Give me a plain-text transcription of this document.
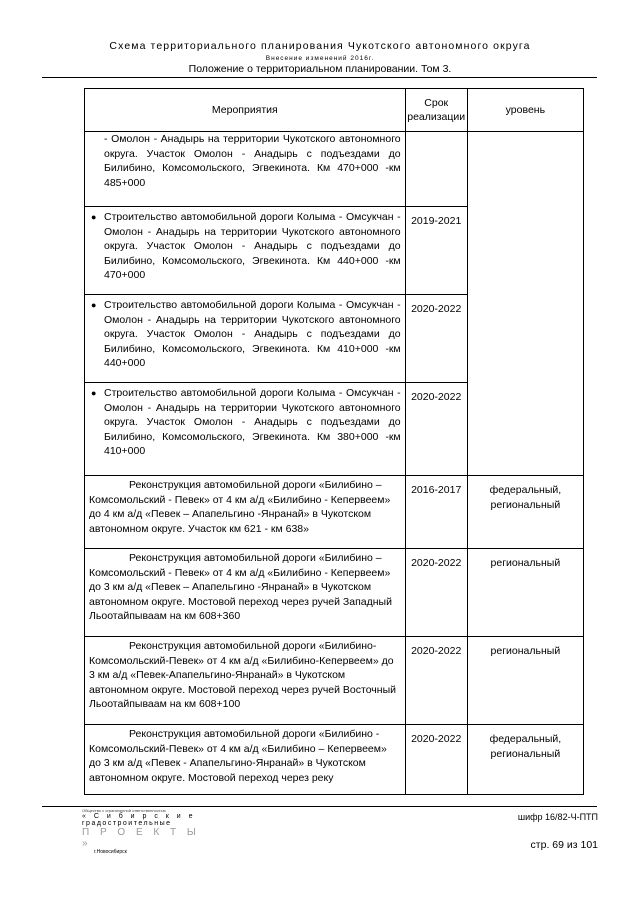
Схема территориального планирования Чукотского автономного округа
Внесение изменений 2016г.
Положение о территориальном планировании. Том 3.
Мероприятия	Срок реализации	уровень
- Омолон - Анадырь на территории Чукотского автономного округа. Участок Омолон - Анадырь с подъездами до Билибино, Комсомольского, Эгвекинота. Км 470+000 -км 485+000		

● Строительство автомобильной дороги Колыма - Омсукчан - Омолон - Анадырь на территории Чукотского автономного округа. Участок Омолон - Анадырь с подъездами до Билибино, Комсомольского, Эгвекинота. Км 440+000 -км 470+000	2019-2021	

● Строительство автомобильной дороги Колыма - Омсукчан - Омолон - Анадырь на территории Чукотского автономного округа. Участок Омолон - Анадырь с подъездами до Билибино, Комсомольского, Эгвекинота. Км 410+000 -км 440+000	2020-2022	

● Строительство автомобильной дороги Колыма - Омсукчан - Омолон - Анадырь на территории Чукотского автономного округа. Участок Омолон - Анадырь с подъездами до Билибино, Комсомольского, Эгвекинота. Км 380+000 -км 410+000	2020-2022	
Реконструкция автомобильной дороги «Билибино – Комсомольский - Певек» от 4 км а/д «Билибино - Кепервеем» до 4 км а/д «Певек – Апапельгино -Янранай» в Чукотском автономном округе. Участок км 621 - км 638»	2016-2017	федеральный, региональный
Реконструкция автомобильной дороги «Билибино – Комсомольский - Певек» от 4 км а/д «Билибино - Кепервеем» до 3 км а/д «Певек – Апапельгино -Янранай» в Чукотском автономном округе. Мостовой переход через ручей Западный Льоотайпываам на км 608+360	2020-2022	региональный
Реконструкция автомобильной дороги «Билибино-Комсомольский-Певек» от 4 км а/д «Билибино-Кепервеем» до 3 км а/д «Певек-Апапельгино-Янранай» в Чукотском автономном округе. Мостовой переход через ручей Восточный Льоотайпываам на км 608+100	2020-2022	региональный
Реконструкция автомобильной дороги «Билибино - Комсомольский-Певек» от 4 км а/д «Билибино – Кепервеем» до 3 км а/д «Певек - Апапельгино-Янранай» в Чукотском автономном округе. Мостовой переход через реку	2020-2022	федеральный, региональный
Общество с ограниченной ответственностью
« С и б и р с к и е
градостроительные
П Р О Е К Т Ы »
г.Новосибирск
шифр 16/82-Ч-ПТП
стр. 69 из 101
